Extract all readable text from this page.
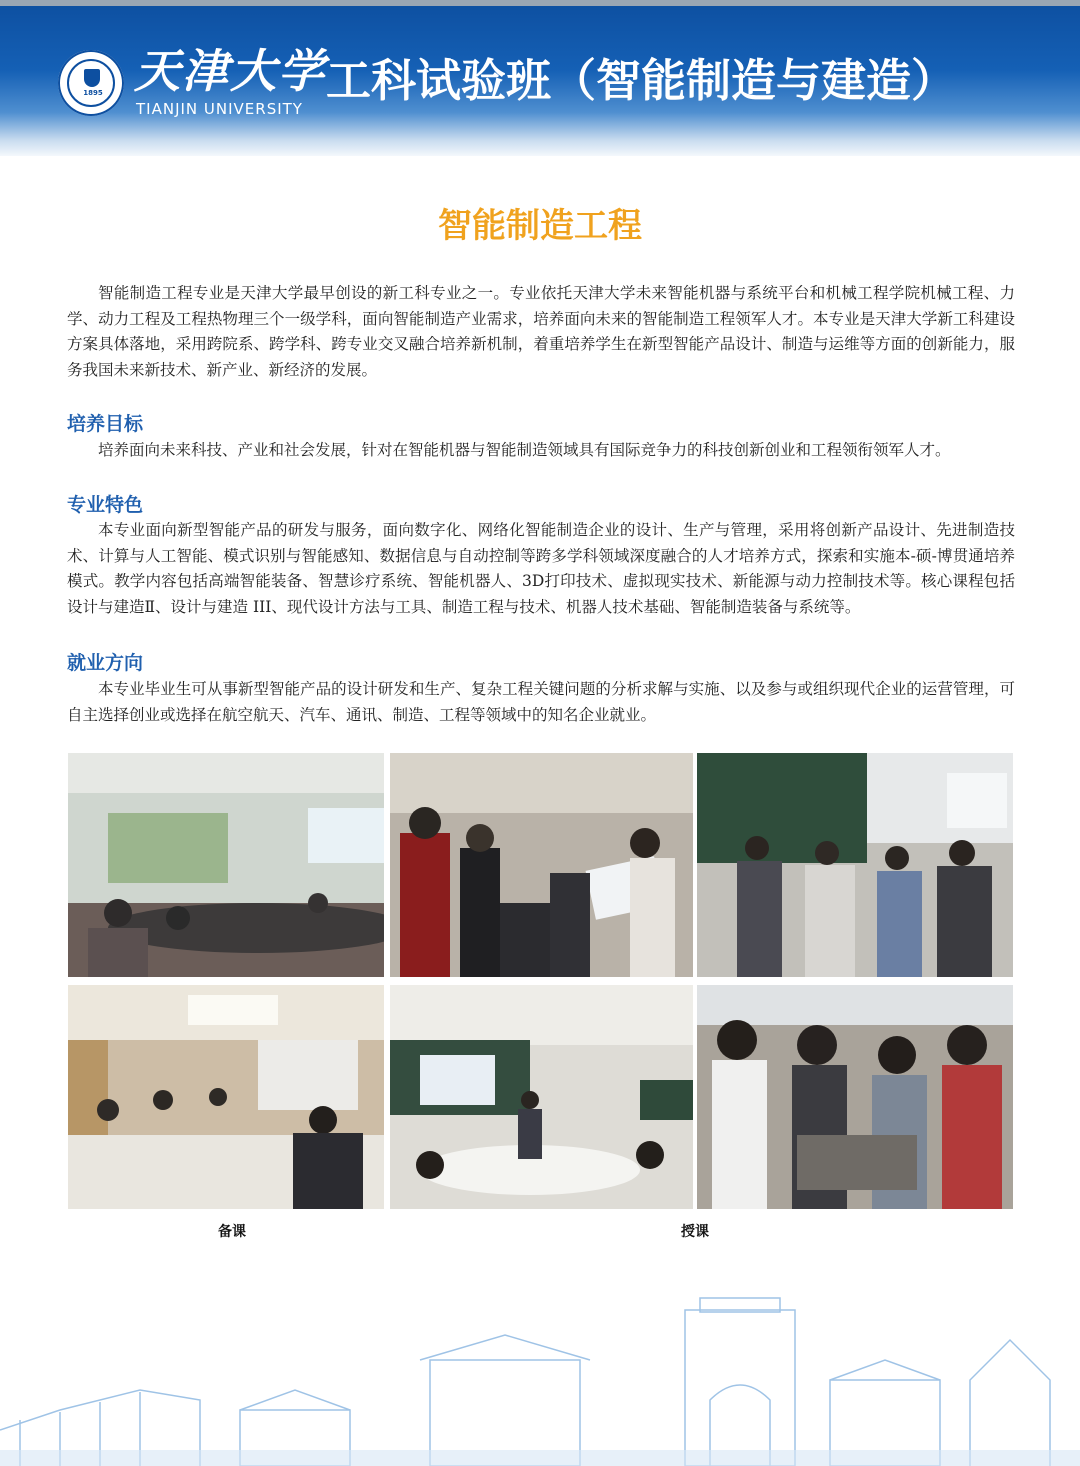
1895 天津大学
TIANJIN UNIVERSITY
工科试验班（智能制造与建造）
智能制造工程

智能制造工程专业是天津大学最早创设的新工科专业之一。专业依托天津大学未来智能机器与系统平台和机械工程学院机械工程、力学、动力工程及工程热物理三个一级学科，面向智能制造产业需求，培养面向未来的智能制造工程领军人才。本专业是天津大学新工科建设方案具体落地，采用跨院系、跨学科、跨专业交叉融合培养新机制，着重培养学生在新型智能产品设计、制造与运维等方面的创新能力，服务我国未来新技术、新产业、新经济的发展。

培养目标

培养面向未来科技、产业和社会发展，针对在智能机器与智能制造领域具有国际竞争力的科技创新创业和工程领衔领军人才。

专业特色

本专业面向新型智能产品的研发与服务，面向数字化、网络化智能制造企业的设计、生产与管理，采用将创新产品设计、先进制造技术、计算与人工智能、模式识别与智能感知、数据信息与自动控制等跨多学科领域深度融合的人才培养方式，探索和实施本-硕-博贯通培养模式。教学内容包括高端智能装备、智慧诊疗系统、智能机器人、3D打印技术、虚拟现实技术、新能源与动力控制技术等。核心课程包括设计与建造Ⅱ、设计与建造 III、现代设计方法与工具、制造工程与技术、机器人技术基础、智能制造装备与系统等。

就业方向

本专业毕业生可从事新型智能产品的设计研发和生产、复杂工程关键问题的分析求解与实施、以及参与或组织现代企业的运营管理，可自主选择创业或选择在航空航天、汽车、通讯、制造、工程等领域中的知名企业就业。

备课	授课
